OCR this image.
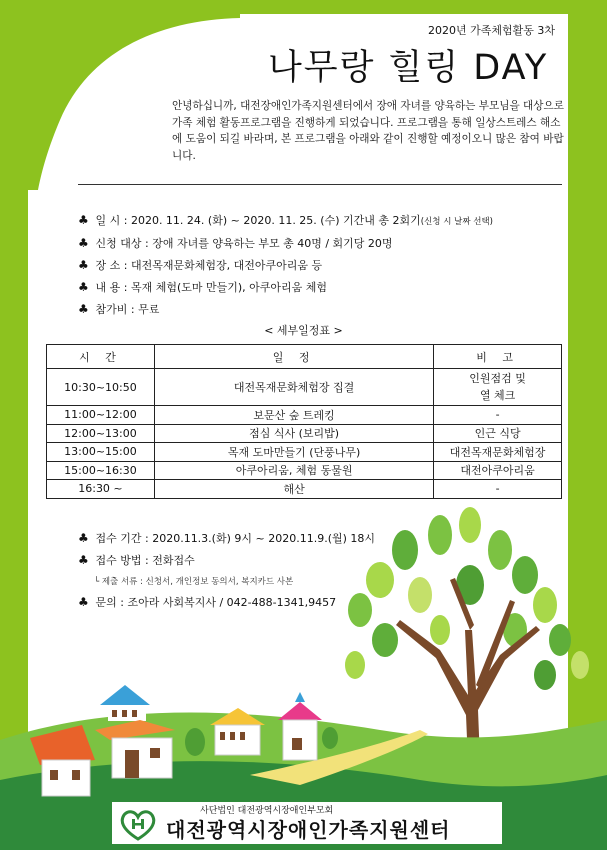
2020년 가족체험활동 3차
나무랑 힐링 DAY
안녕하십니까, 대전장애인가족지원센터에서 장애 자녀를 양육하는 부모님을 대상으로 가족 체험 활동프로그램을 진행하게 되었습니다. 프로그램을 통해 일상스트레스 해소에 도움이 되길 바라며, 본 프로그램을 아래와 같이 진행할 예정이오니 많은 참여 바랍니다.
♣ 일 시 : 2020. 11. 24. (화) ~ 2020. 11. 25. (수) 기간내 총 2회기(신청 시 날짜 선택)
♣ 신청 대상 : 장애 자녀를 양육하는 부모 총 40명 / 회기당 20명
♣ 장 소 : 대전목재문화체험장, 대전아쿠아리움 등
♣ 내 용 : 목재 체험(도마 만들기), 아쿠아리움 체험
♣ 참가비 : 무료
< 세부일정표 >
시 간	일 정	비 고
10:30~10:50	대전목재문화체험장 집결	인원점검 및
열 체크
11:00~12:00	보문산 숲 트레킹	-
12:00~13:00	점심 식사 (보리밥)	인근 식당
13:00~15:00	목재 도마만들기 (단풍나무)	대전목재문화체험장
15:00~16:30	아쿠아리움, 체험 동물원	대전아쿠아리움
16:30 ~	해산	-
♣ 접수 기간 : 2020.11.3.(화) 9시 ~ 2020.11.9.(월) 18시
♣ 접수 방법 : 전화접수
└ 제출 서류 : 신청서, 개인정보 동의서, 복지카드 사본
♣ 문의 : 조아라 사회복지사 / 042-488-1341,9457
사단법인 대전광역시장애인부모회
대전광역시장애인가족지원센터
